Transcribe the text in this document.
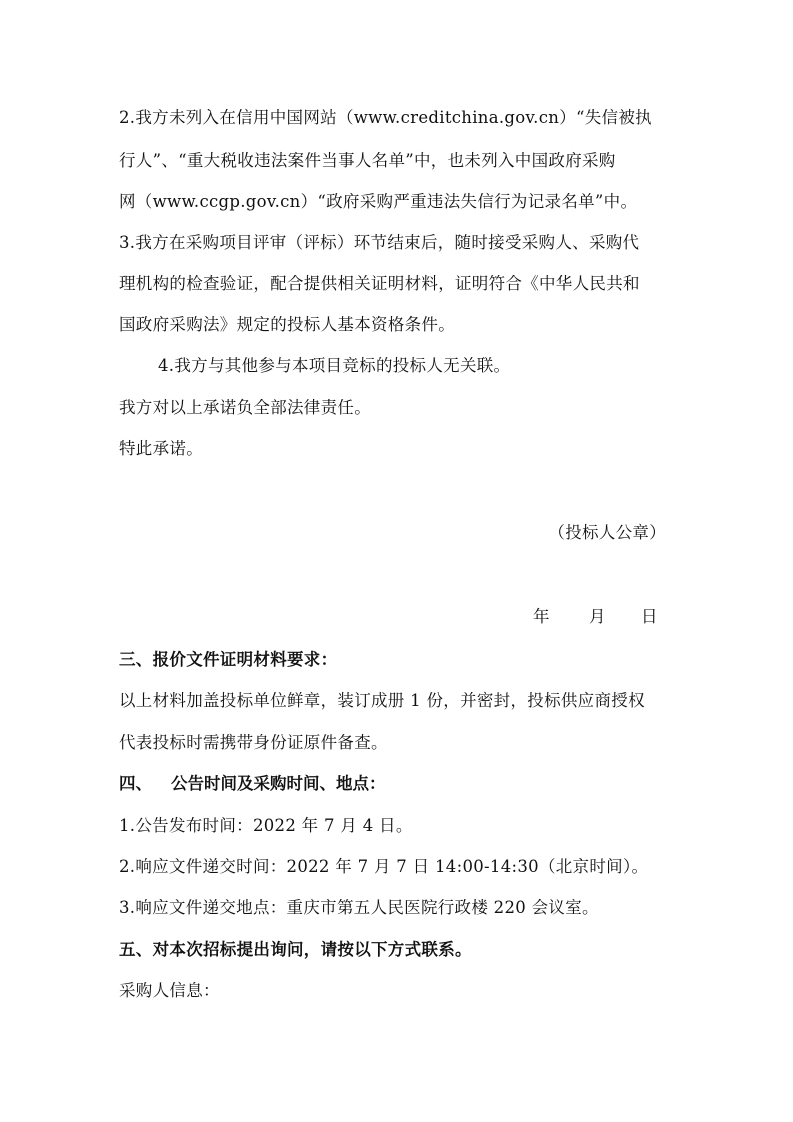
2.我方未列入在信用中国网站（www.creditchina.gov.cn）“失信被执
行人”、“重大税收违法案件当事人名单”中，也未列入中国政府采购
网（www.ccgp.gov.cn）“政府采购严重违法失信行为记录名单”中。
3.我方在采购项目评审（评标）环节结束后，随时接受采购人、采购代
理机构的检查验证，配合提供相关证明材料，证明符合《中华人民共和
国政府采购法》规定的投标人基本资格条件。
4.我方与其他参与本项目竞标的投标人无关联。
我方对以上承诺负全部法律责任。
特此承诺。
（投标人公章）
年 月 日
三、报价文件证明材料要求：
以上材料加盖投标单位鲜章，装订成册 1 份，并密封，投标供应商授权
代表投标时需携带身份证原件备查。
四、 公告时间及采购时间、地点：
1.公告发布时间：2022 年 7 月 4 日。
2.响应文件递交时间：2022 年 7 月 7 日 14:00-14:30（北京时间）。
3.响应文件递交地点：重庆市第五人民医院行政楼 220 会议室。
五、对本次招标提出询问，请按以下方式联系。
采购人信息：
